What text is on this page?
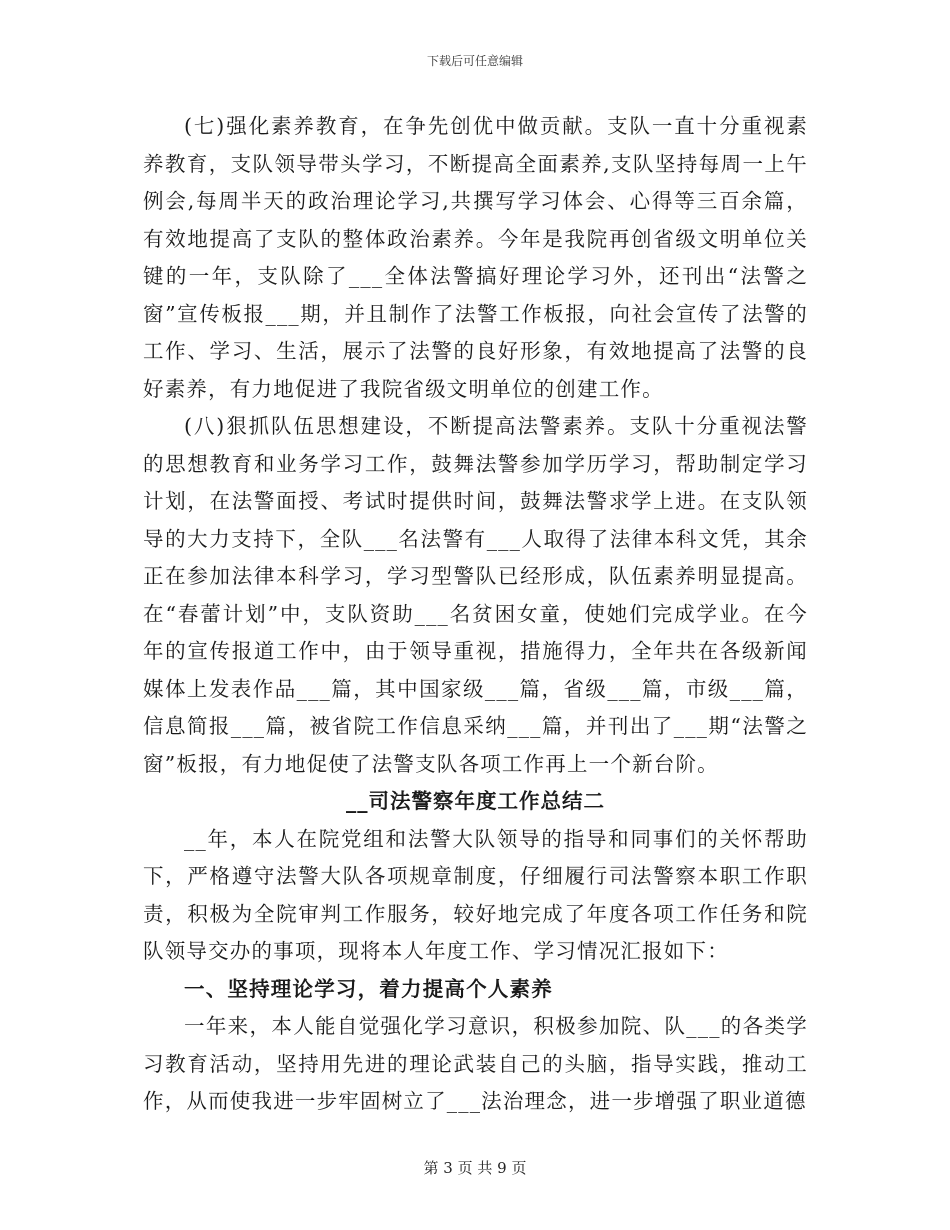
下载后可任意编辑

(七)强化素养教育，在争先创优中做贡献。支队一直十分重视素养教育，支队领导带头学习，不断提高全面素养,支队坚持每周一上午例会,每周半天的政治理论学习,共撰写学习体会、心得等三百余篇，有效地提高了支队的整体政治素养。今年是我院再创省级文明单位关键的一年，支队除了___全体法警搞好理论学习外，还刊出“法警之窗”宣传板报___期，并且制作了法警工作板报，向社会宣传了法警的工作、学习、生活，展示了法警的良好形象，有效地提高了法警的良好素养，有力地促进了我院省级文明单位的创建工作。

(八)狠抓队伍思想建设，不断提高法警素养。支队十分重视法警的思想教育和业务学习工作，鼓舞法警参加学历学习，帮助制定学习计划，在法警面授、考试时提供时间，鼓舞法警求学上进。在支队领导的大力支持下，全队___名法警有___人取得了法律本科文凭，其余正在参加法律本科学习，学习型警队已经形成，队伍素养明显提高。在“春蕾计划”中，支队资助___名贫困女童，使她们完成学业。在今年的宣传报道工作中，由于领导重视，措施得力，全年共在各级新闻媒体上发表作品___篇，其中国家级___篇，省级___篇，市级___篇，信息简报___篇，被省院工作信息采纳___篇，并刊出了___期“法警之窗”板报，有力地促使了法警支队各项工作再上一个新台阶。

__司法警察年度工作总结二

__年，本人在院党组和法警大队领导的指导和同事们的关怀帮助下，严格遵守法警大队各项规章制度，仔细履行司法警察本职工作职责，积极为全院审判工作服务，较好地完成了年度各项工作任务和院队领导交办的事项，现将本人年度工作、学习情况汇报如下：

一、坚持理论学习，着力提高个人素养

一年来，本人能自觉强化学习意识，积极参加院、队___的各类学习教育活动，坚持用先进的理论武装自己的头脑，指导实践，推动工作，从而使我进一步牢固树立了___法治理念，进一步增强了职业道德

第 3 页 共 9 页
